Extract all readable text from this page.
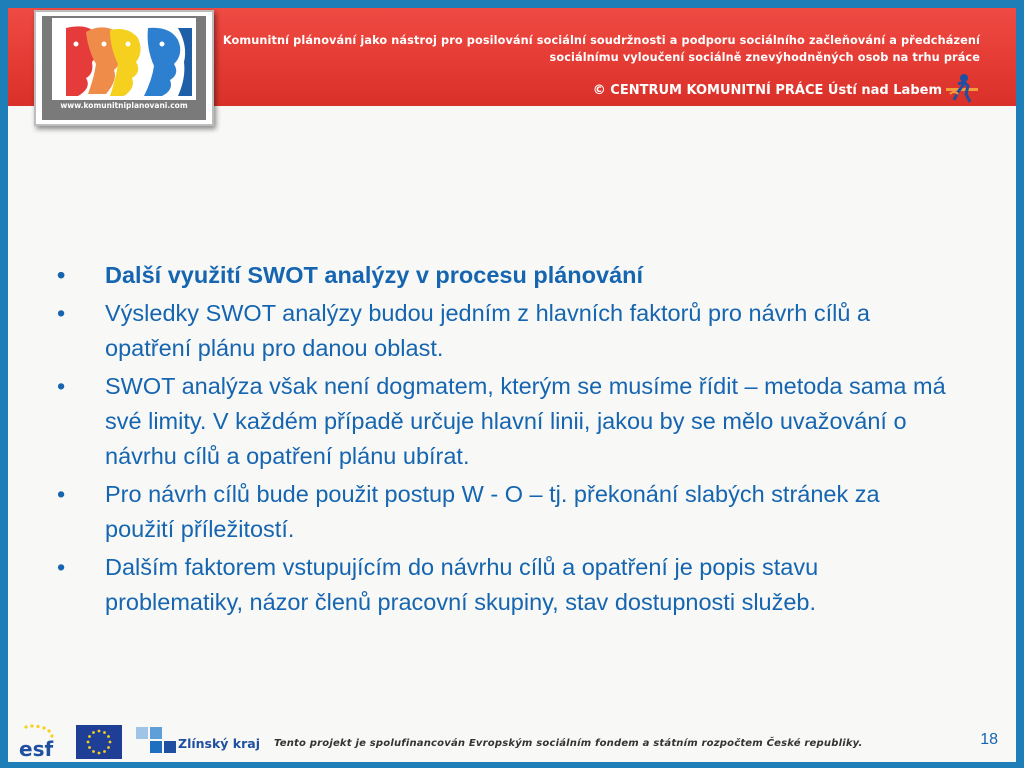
Komunitní plánování jako nástroj pro posilování sociální soudržnosti a podporu sociálního začleňování a předcházení
sociálnímu vyloučení sociálně znevýhodněných osob na trhu práce
© CENTRUM KOMUNITNÍ PRÁCE Ústí nad Labem
www.komunitniplanovani.com
• Další využití SWOT analýzy v procesu plánování
• Výsledky SWOT analýzy budou jedním z hlavních faktorů pro návrh cílů a opatření plánu pro danou oblast.
• SWOT analýza však není dogmatem, kterým se musíme řídit – metoda sama má své limity. V každém případě určuje hlavní linii, jakou by se mělo uvažování o návrhu cílů a opatření plánu ubírat.
• Pro návrh cílů bude použit postup W - O – tj. překonání slabých stránek za použití příležitostí.
• Dalším faktorem vstupujícím do návrhu cílů a opatření je popis stavu problematiky, názor členů pracovní skupiny, stav dostupnosti služeb.
esf	Zlínský kraj Tento projekt je spolufinancován Evropským sociálním fondem a státním rozpočtem České republiky.	18
